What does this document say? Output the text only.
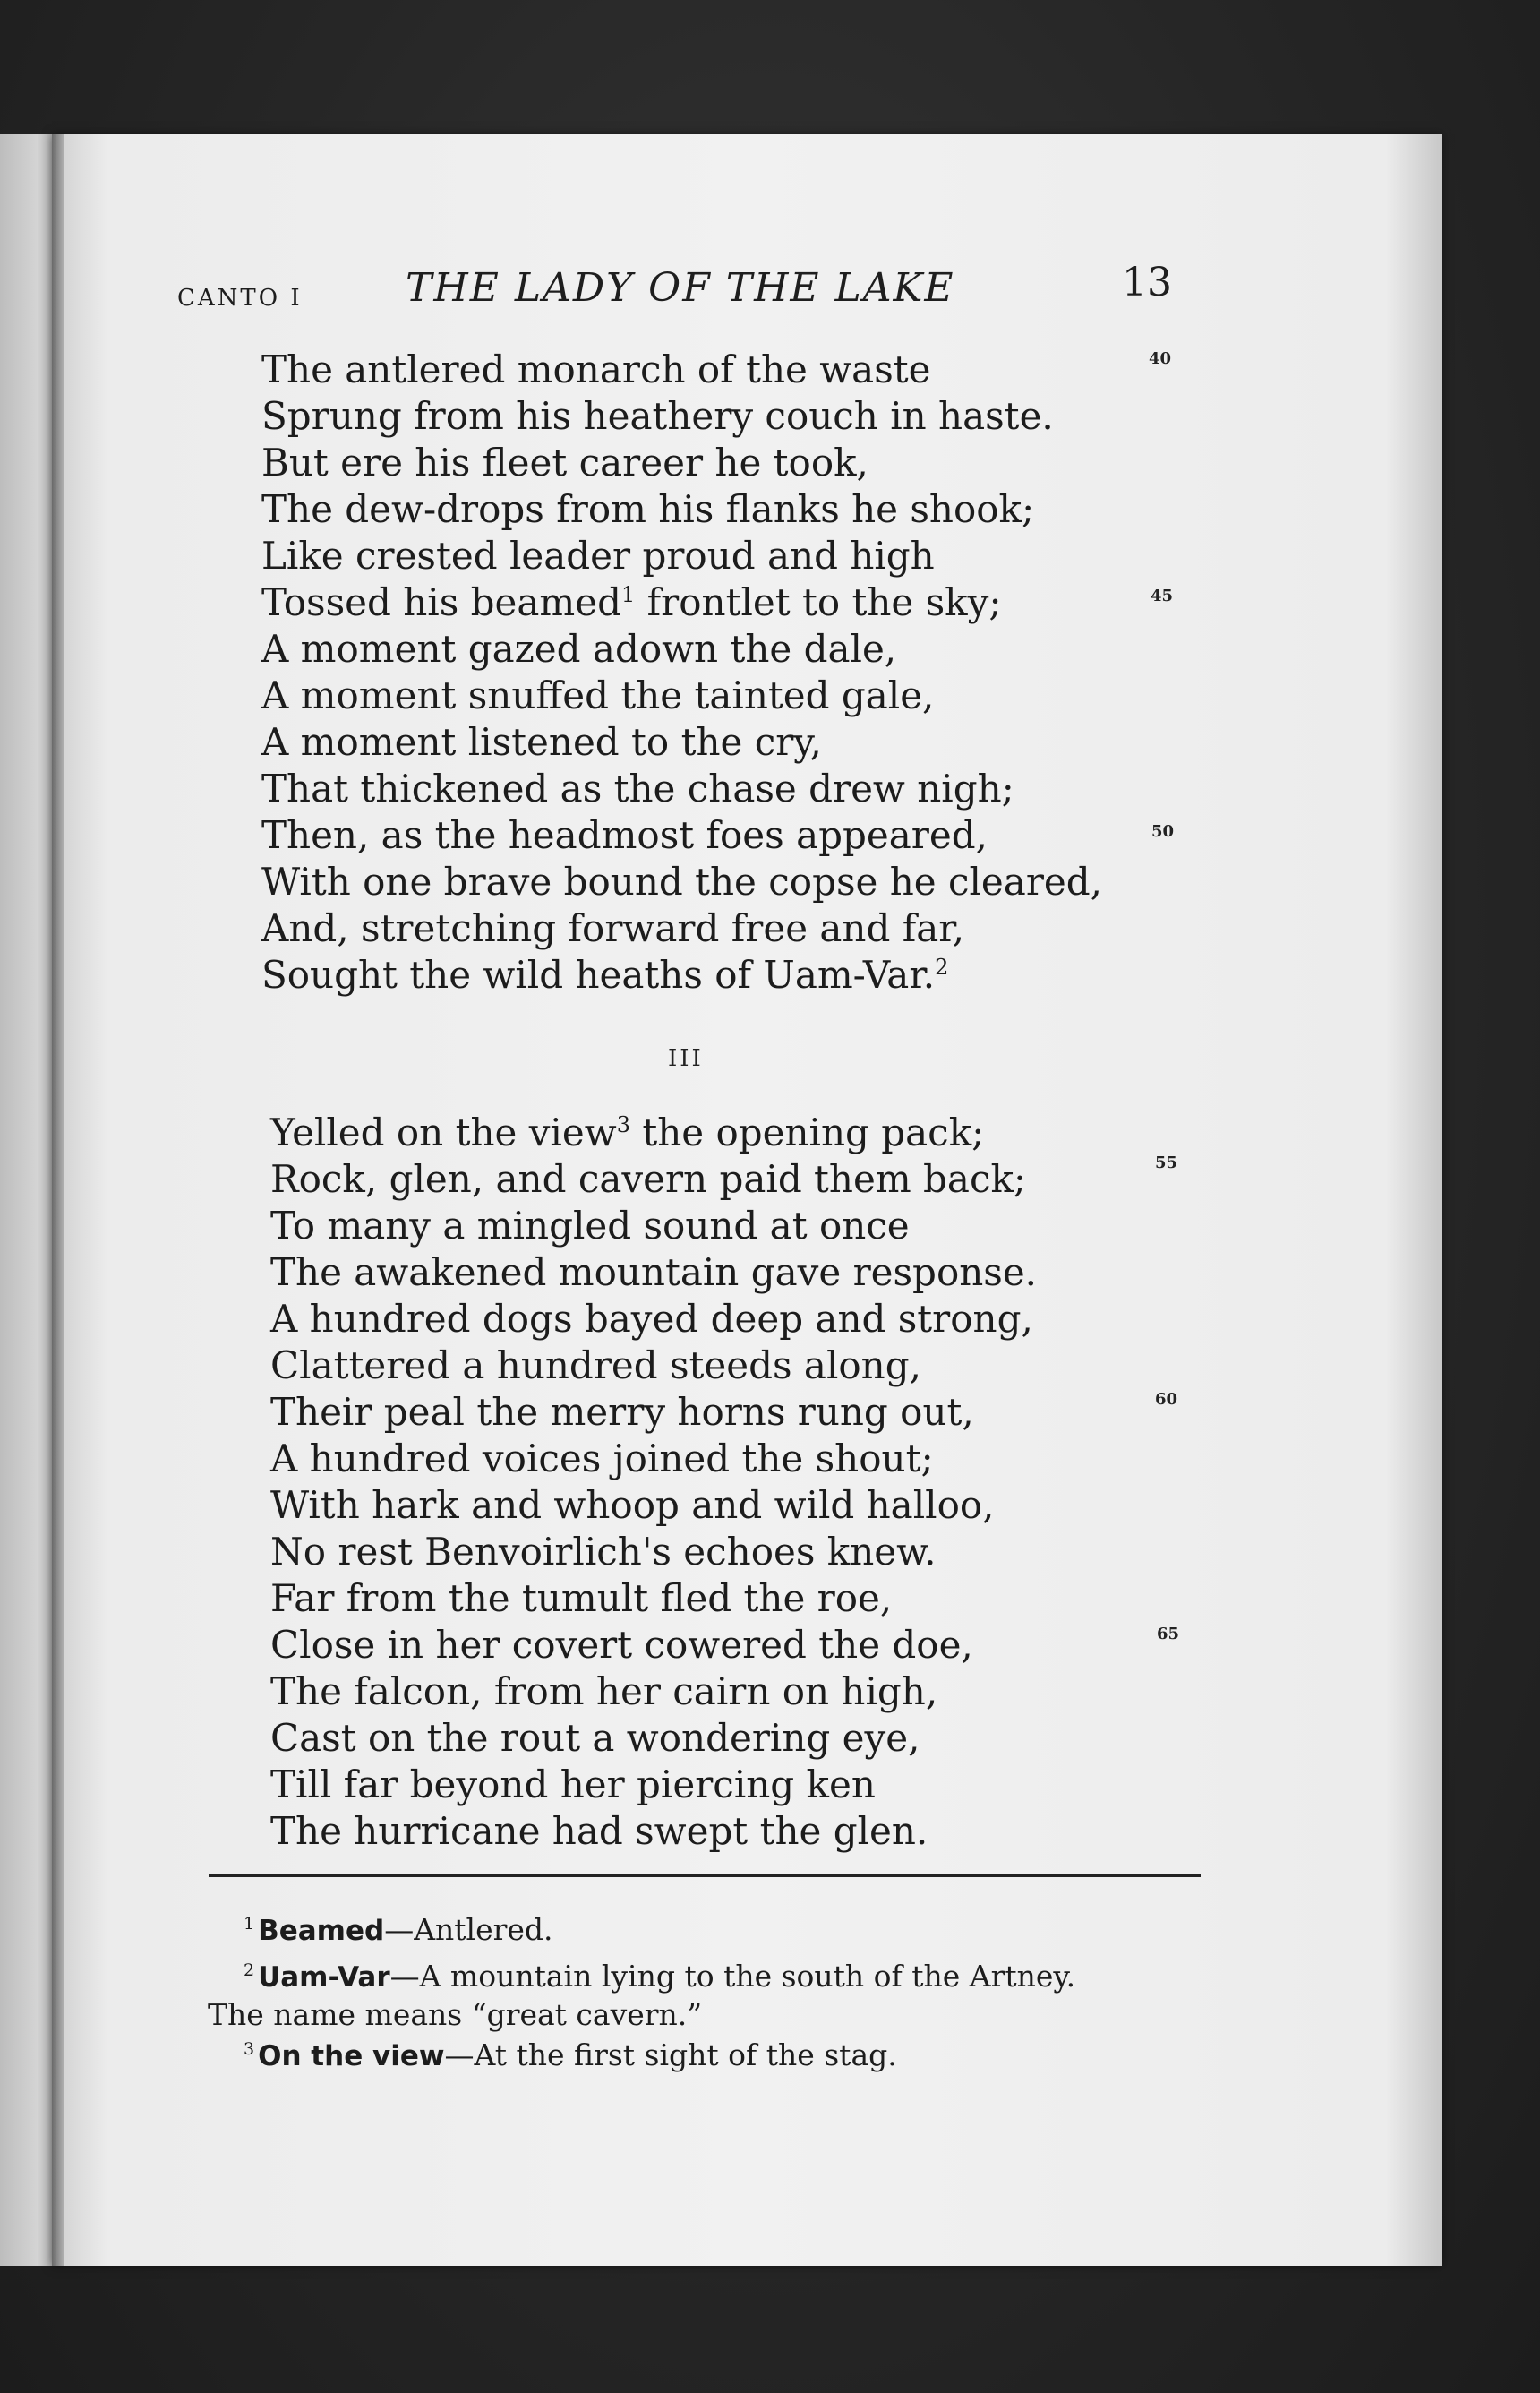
CANTO I	THE LADY OF THE LAKE	13
The antlered monarch of the waste
Sprung from his heathery couch in haste.
But ere his fleet career he took,
The dew-drops from his flanks he shook;
Like crested leader proud and high
Tossed his beamed$^1$ frontlet to the sky;
A moment gazed adown the dale,
A moment snuffed the tainted gale,
A moment listened to the cry,
That thickened as the chase drew nigh;
Then, as the headmost foes appeared,
With one brave bound the copse he cleared,
And, stretching forward free and far,
Sought the wild heaths of Uam-Var.$^2$
III
Yelled on the view$^3$ the opening pack;
Rock, glen, and cavern paid them back;
To many a mingled sound at once
The awakened mountain gave response.
A hundred dogs bayed deep and strong,
Clattered a hundred steeds along,
Their peal the merry horns rung out,
A hundred voices joined the shout;
With hark and whoop and wild halloo,
No rest Benvoirlich's echoes knew.
Far from the tumult fled the roe,
Close in her covert cowered the doe,
The falcon, from her cairn on high,
Cast on the rout a wondering eye,
Till far beyond her piercing ken
The hurricane had swept the glen.
40
45
50
55
60
65
$^1$ Beamed—Antlered.
$^2$ Uam-Var—A mountain lying to the south of the Artney.
The name means “great cavern.”
$^3$ On the view—At the first sight of the stag.
